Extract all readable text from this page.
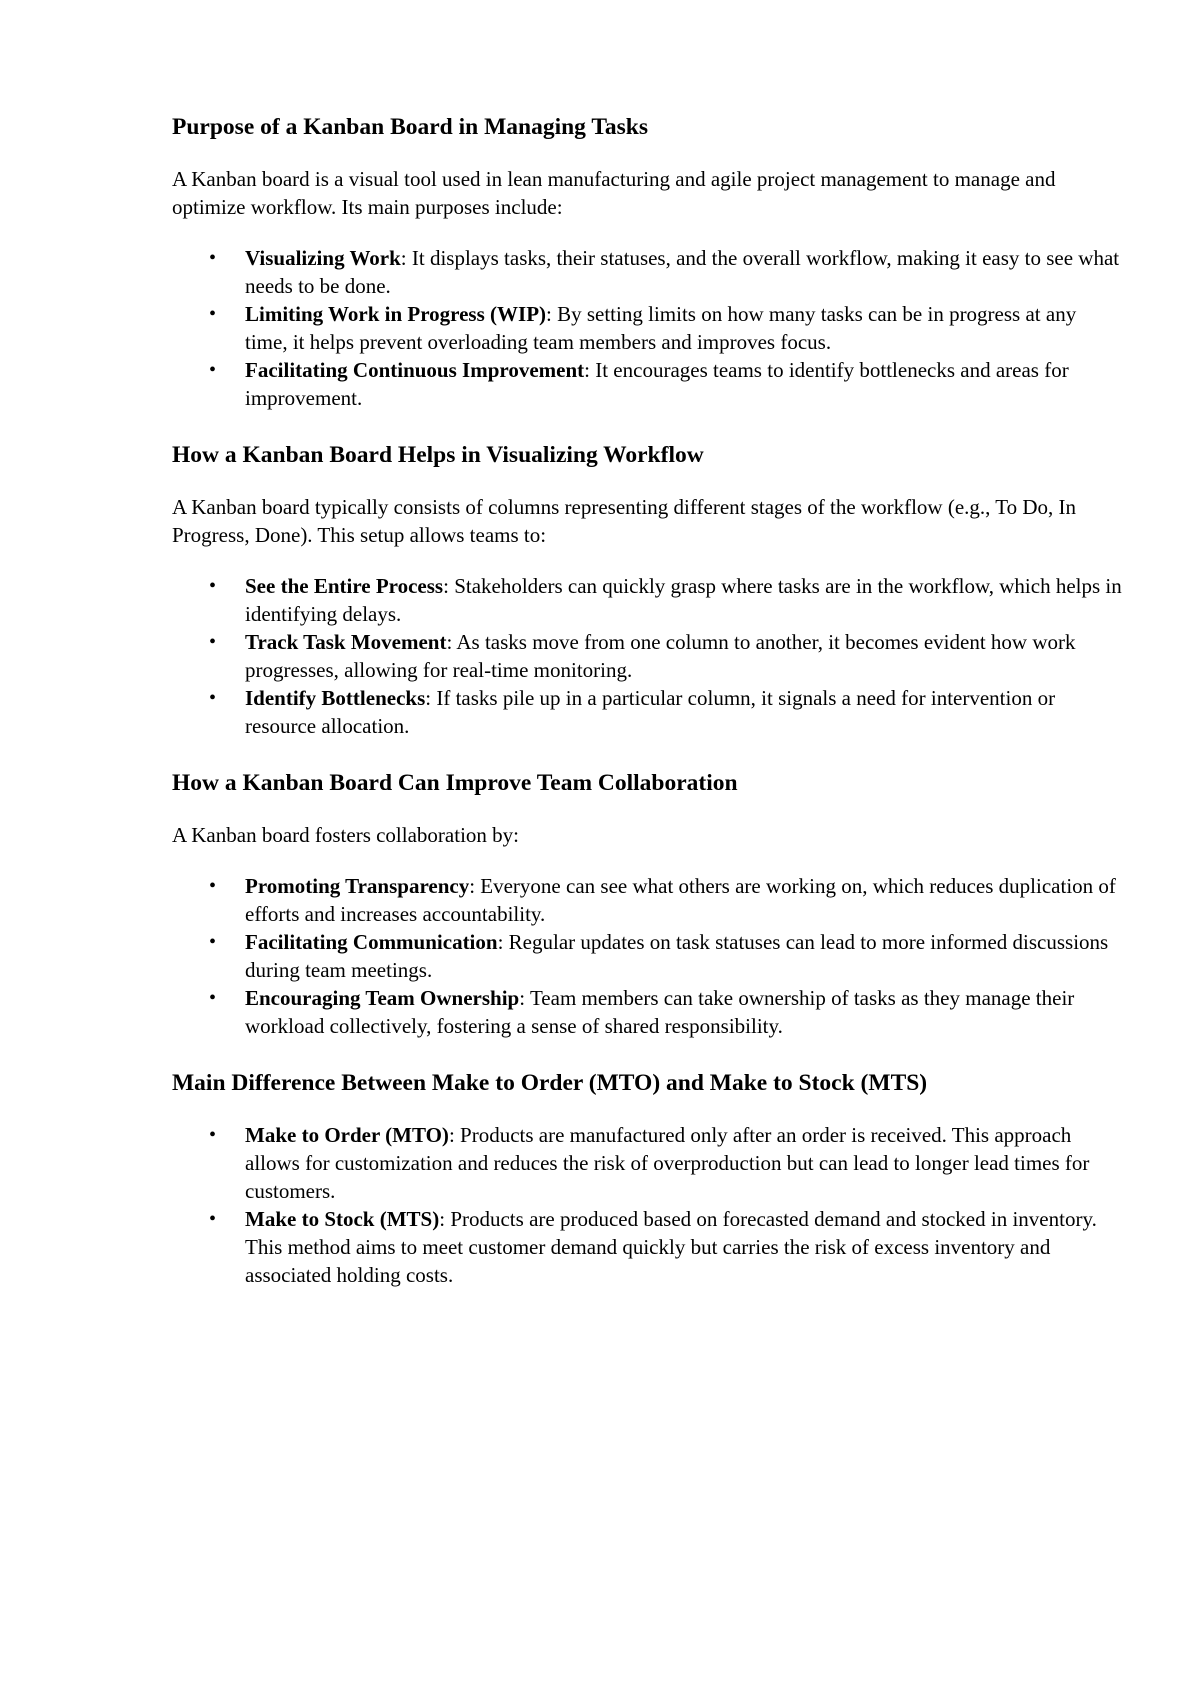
Purpose of a Kanban Board in Managing Tasks

A Kanban board is a visual tool used in lean manufacturing and agile project management to manage and optimize workflow. Its main purposes include:

• Visualizing Work: It displays tasks, their statuses, and the overall workflow, making it easy to see what needs to be done.
• Limiting Work in Progress (WIP): By setting limits on how many tasks can be in progress at any time, it helps prevent overloading team members and improves focus.
• Facilitating Continuous Improvement: It encourages teams to identify bottlenecks and areas for improvement.
How a Kanban Board Helps in Visualizing Workflow

A Kanban board typically consists of columns representing different stages of the workflow (e.g., To Do, In Progress, Done). This setup allows teams to:

• See the Entire Process: Stakeholders can quickly grasp where tasks are in the workflow, which helps in identifying delays.
• Track Task Movement: As tasks move from one column to another, it becomes evident how work progresses, allowing for real-time monitoring.
• Identify Bottlenecks: If tasks pile up in a particular column, it signals a need for intervention or resource allocation.
How a Kanban Board Can Improve Team Collaboration

A Kanban board fosters collaboration by:

• Promoting Transparency: Everyone can see what others are working on, which reduces duplication of efforts and increases accountability.
• Facilitating Communication: Regular updates on task statuses can lead to more informed discussions during team meetings.
• Encouraging Team Ownership: Team members can take ownership of tasks as they manage their workload collectively, fostering a sense of shared responsibility.
Main Difference Between Make to Order (MTO) and Make to Stock (MTS)
• Make to Order (MTO): Products are manufactured only after an order is received. This approach allows for customization and reduces the risk of overproduction but can lead to longer lead times for customers.
• Make to Stock (MTS): Products are produced based on forecasted demand and stocked in inventory. This method aims to meet customer demand quickly but carries the risk of excess inventory and associated holding costs.
